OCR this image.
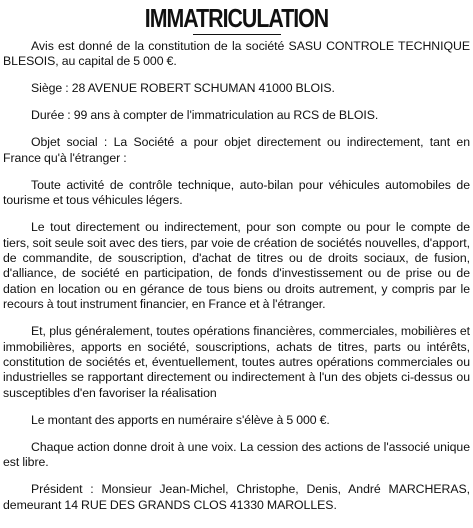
IMMATRICULATION

Avis est donné de la constitution de la société SASU CONTROLE TECHNIQUE BLESOIS, au capital de 5 000 €.

Siège : 28 AVENUE ROBERT SCHUMAN 41000 BLOIS.

Durée : 99 ans à compter de l'immatriculation au RCS de BLOIS.

Objet social : La Société a pour objet directement ou indirectement, tant en France qu'à l'étranger :

Toute activité de contrôle technique, auto-bilan pour véhicules automobiles de tourisme et tous véhicules légers.

Le tout directement ou indirectement, pour son compte ou pour le compte de tiers, soit seule soit avec des tiers, par voie de création de sociétés nouvelles, d'apport, de commandite, de souscription, d'achat de titres ou de droits sociaux, de fusion, d'alliance, de société en participation, de fonds d'investissement ou de prise ou de dation en location ou en gérance de tous biens ou droits autrement, y compris par le recours à tout instrument financier, en France et à l'étranger.

Et, plus généralement, toutes opérations financières, commerciales, mobilières et immobilières, apports en société, souscriptions, achats de titres, parts ou intérêts, constitution de sociétés et, éventuellement, toutes autres opérations commerciales ou industrielles se rapportant directement ou indirectement à l'un des objets ci-dessus ou susceptibles d'en favoriser la réalisation

Le montant des apports en numéraire s'élève à 5 000 €.

Chaque action donne droit à une voix. La cession des actions de l'associé unique est libre.

Président : Monsieur Jean-Michel, Christophe, Denis, André MARCHERAS, demeurant 14 RUE DES GRANDS CLOS 41330 MAROLLES.
